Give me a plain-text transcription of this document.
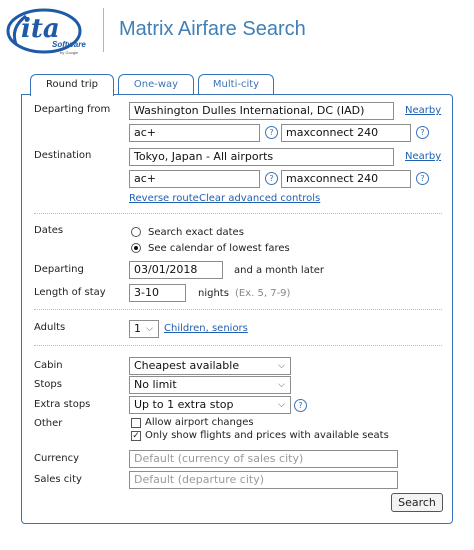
ita
Software
by Google
Matrix Airfare Search
Round trip	One-way	Multi-city
Departing from	Washington Dulles International, DC (IAD)	Nearby
ac+	?	maxconnect 240	?
Destination	Tokyo, Japan - All airports	Nearby
ac+	?	maxconnect 240	?
Reverse route Clear advanced controls
Dates	Search exact dates
See calendar of lowest fares
Departing	03/01/2018	and a month later
Length of stay	3-10	nights (Ex. 5, 7-9)
Adults	1 ⌵ Children, seniors
Cabin	Cheapest available	⌵
Stops	No limit	⌵
Extra stops	Up to 1 extra stop	⌵	?
Other	Allow airport changes
✓ Only show flights and prices with available seats
Currency	Default (currency of sales city)
Sales city	Default (departure city)
Search
